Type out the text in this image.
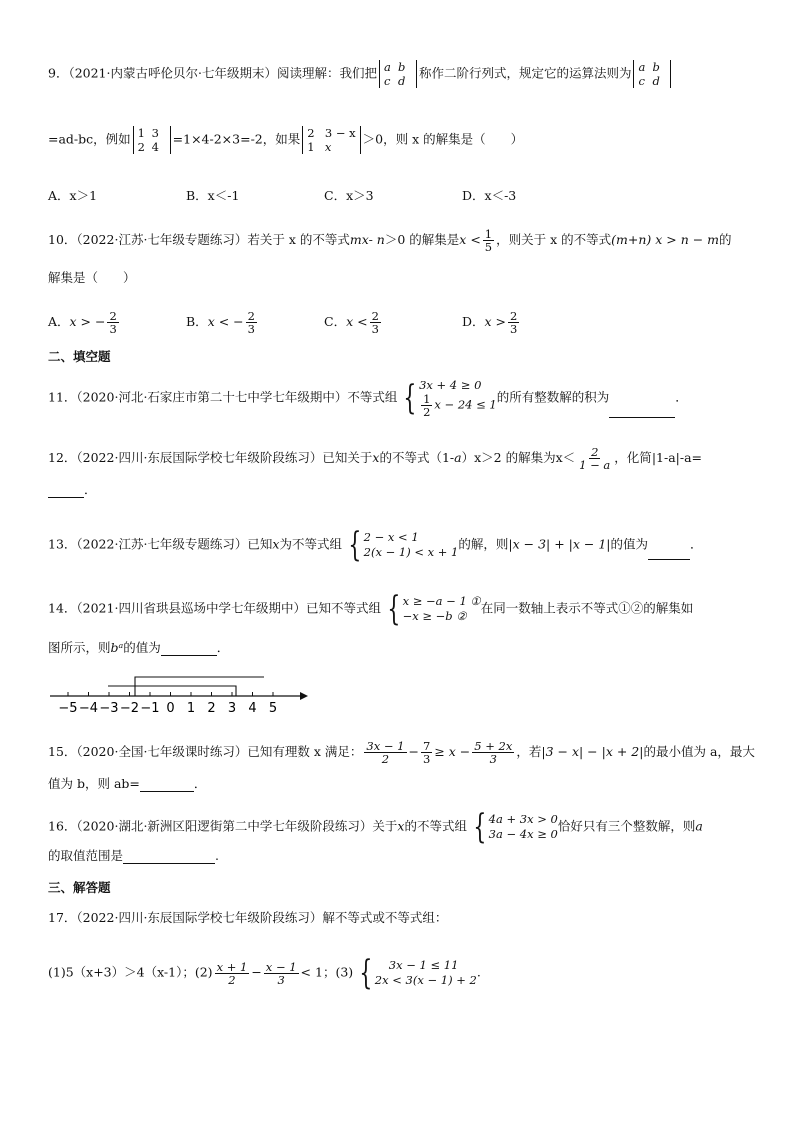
9．（2021·内蒙古呼伦贝尔·七年级期末）阅读理解：我们把 a b
c d
称作二阶行列式，规定它的运算法则为 a b
c d
=ad-bc，例如 1 3
2 4
=1×4-2×3=-2，如果 2 3 − x
1 x
＞0，则 x 的解集是（　　）
A．x＞1	B．x＜-1	C．x＞3	D．x＜-3
10．（2022·江苏·七年级专题练习）若关于 x 的不等式mx- n＞0 的解集是$x < \frac{1}{5}$ ，则关于 x 的不等式(m+n) x > n − m的
解集是（　　）
A．x > − $\frac{2}{3}$	B．x < − $\frac{2}{3}$	C．$x < \frac{2}{3}$	D．$x > \frac{2}{3}$
二、填空题
11．（2020·河北·石家庄市第二十七中学七年级期中）不等式组 { 3x + 4 ≥ 0
$\frac{1}{2}$ x − 24 ≤ 1 的所有整数解的积为	．
12．（2022·四川·东辰国际学校七年级阶段练习）已知关于x的不等式（1-a）x＞2 的解集为$x< \frac{2}{1 - a}$ ，化简|1-a|-a=
．
13．（2022·江苏·七年级专题练习）已知x为不等式组 { 2 − x < 1
2(x − 1) < x + 1
的解，则|x − 3| + |x − 1|的值为	．
14．（2021·四川省珙县巡场中学七年级期中）已知不等式组 { x ≥ −a − 1 ①
−x ≥ −b ②
在同一数轴上表示不等式①②的解集如
图所示，则bᵃ的值为	．
−5 −4 −3 −2 −1 0 1 2 3 4 5
15．（2020·全国·七年级课时练习）已知有理数 x 满足： $\frac{3x - 1}{2} - \frac{7}{3} \ge x - \frac{5 + 2x}{3}$ ，若|3 − x| − |x + 2|的最小值为 a，最大
值为 b，则 ab=	．
16．（2020·湖北·新洲区阳逻街第二中学七年级阶段练习）关于x的不等式组 { 4a + 3x > 0
3a − 4x ≥ 0
恰好只有三个整数解，则a
的取值范围是	.
三、解答题
17．（2022·四川·东辰国际学校七年级阶段练习）解不等式或不等式组：
(1)5（x+3）＞4（x-1）；$(2) \frac{x + 1}{2} - \frac{x - 1}{3} < 1$；(3) {	3x − 1 ≤ 11
2x < 3(x − 1) + 2
.
